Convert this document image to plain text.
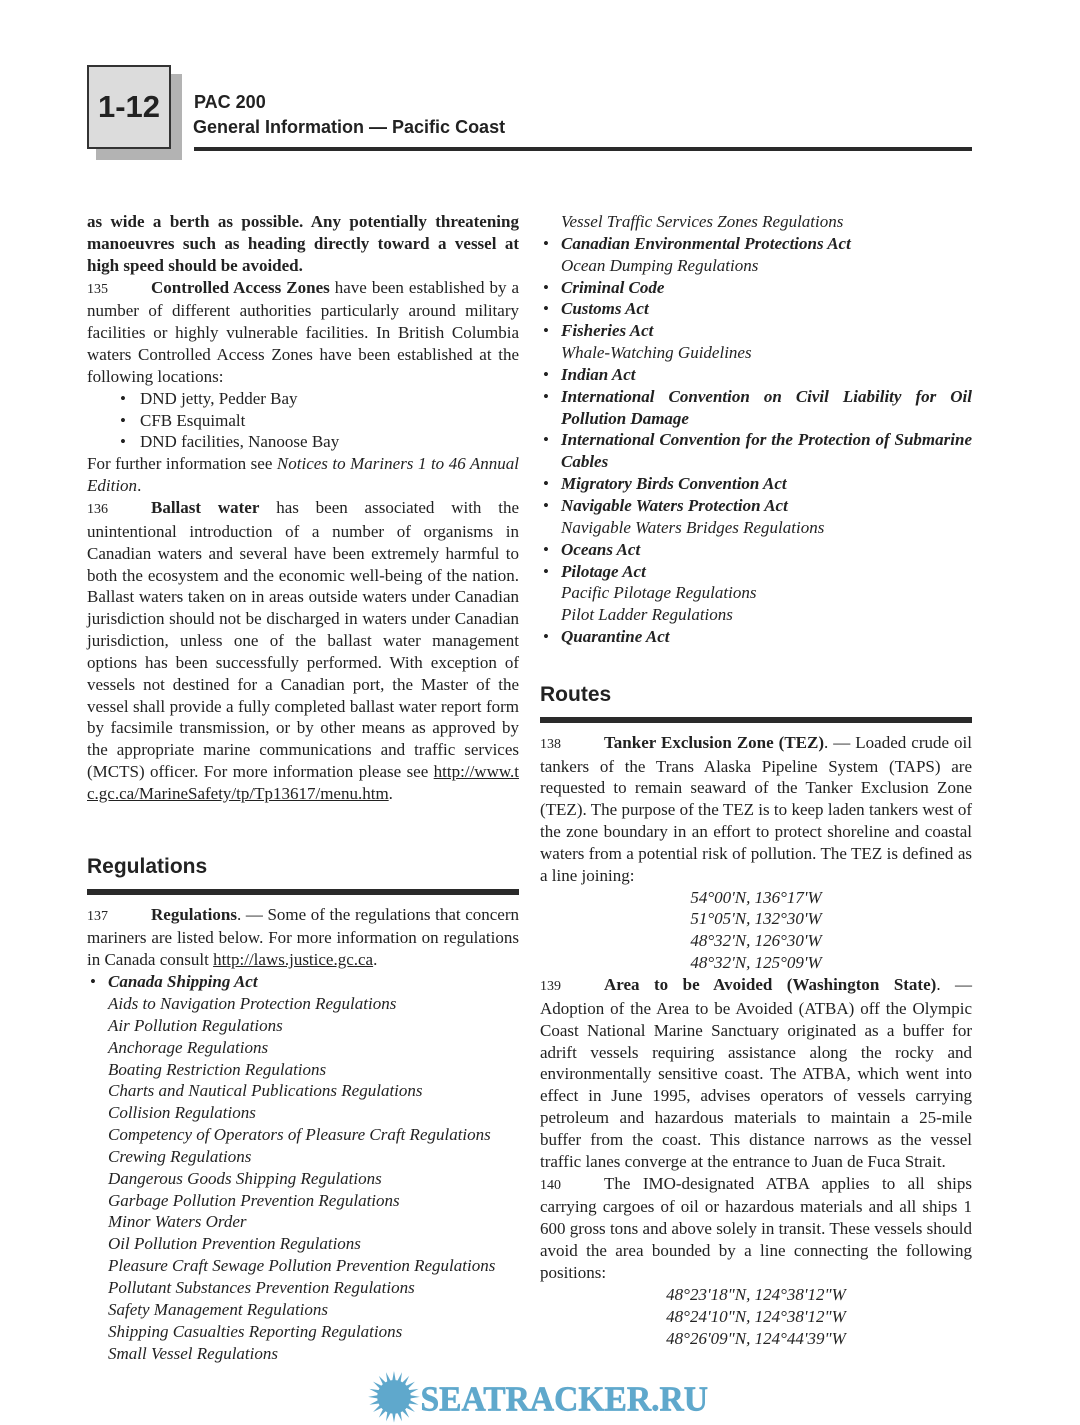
1-12	PAC 200
General Information — Pacific Coast

as wide a berth as possible. Any potentially threatening manoeuvres such as heading directly toward a vessel at high speed should be avoided.

135	Controlled Access Zones have been established by a number of different authorities particularly around military facilities or highly vulnerable facilities. In British Columbia waters Controlled Access Zones have been established at the following locations:

• DND jetty, Pedder Bay
• CFB Esquimalt
• DND facilities, Nanoose Bay

For further information see Notices to Mariners 1 to 46 Annual Edition.

136	Ballast water has been associated with the unintentional introduction of a number of organisms in Canadian waters and several have been extremely harmful to both the ecosystem and the economic well-being of the nation. Ballast waters taken on in areas outside waters under Canadian jurisdiction should not be discharged in waters under Canadian jurisdiction, unless one of the ballast water management options has been successfully performed. With exception of vessels not destined for a Canadian port, the Master of the vessel shall provide a fully completed ballast water report form by facsimile transmission, or by other means as approved by the appropriate marine communications and traffic services (MCTS) officer. For more information please see http://www.tc.gc.ca/MarineSafety/tp/Tp13617/menu.htm.

Regulations

137	Regulations. — Some of the regulations that concern mariners are listed below. For more information on regulations in Canada consult http://laws.justice.gc.ca.

• Canada Shipping Act
Aids to Navigation Protection Regulations
Air Pollution Regulations
Anchorage Regulations
Boating Restriction Regulations
Charts and Nautical Publications Regulations
Collision Regulations
Competency of Operators of Pleasure Craft Regulations
Crewing Regulations
Dangerous Goods Shipping Regulations
Garbage Pollution Prevention Regulations
Minor Waters Order
Oil Pollution Prevention Regulations
Pleasure Craft Sewage Pollution Prevention Regulations
Pollutant Substances Prevention Regulations
Safety Management Regulations
Shipping Casualties Reporting Regulations
Small Vessel Regulations
Vessel Traffic Services Zones Regulations
• Canadian Environmental Protections Act
Ocean Dumping Regulations
• Criminal Code
• Customs Act
• Fisheries Act
Whale-Watching Guidelines
• Indian Act
• International Convention on Civil Liability for Oil Pollution Damage
• International Convention for the Protection of Submarine Cables
• Migratory Birds Convention Act
• Navigable Waters Protection Act
Navigable Waters Bridges Regulations
• Oceans Act
• Pilotage Act
Pacific Pilotage Regulations
Pilot Ladder Regulations
• Quarantine Act
Routes

138	Tanker Exclusion Zone (TEZ). — Loaded crude oil tankers of the Trans Alaska Pipeline System (TAPS) are requested to remain seaward of the Tanker Exclusion Zone (TEZ). The purpose of the TEZ is to keep laden tankers west of the zone boundary in an effort to protect shoreline and coastal waters from a potential risk of pollution. The TEZ is defined as a line joining:

54°00'N, 136°17'W
51°05'N, 132°30'W
48°32'N, 126°30'W
48°32'N, 125°09'W

139	Area to be Avoided (Washington State). — Adoption of the Area to be Avoided (ATBA) off the Olympic Coast National Marine Sanctuary originated as a buffer for adrift vessels requiring assistance along the rocky and environmentally sensitive coast. The ATBA, which went into effect in June 1995, advises operators of vessels carrying petroleum and hazardous materials to maintain a 25-mile buffer from the coast. This distance narrows as the vessel traffic lanes converge at the entrance to Juan de Fuca Strait.

140	The IMO-designated ATBA applies to all ships carrying cargoes of oil or hazardous materials and all ships 1 600 gross tons and above solely in transit. These vessels should avoid the area bounded by a line connecting the following positions:

48°23'18"N, 124°38'12"W
48°24'10"N, 124°38'12"W
48°26'09"N, 124°44'39"W
SEATRACKER.RU
